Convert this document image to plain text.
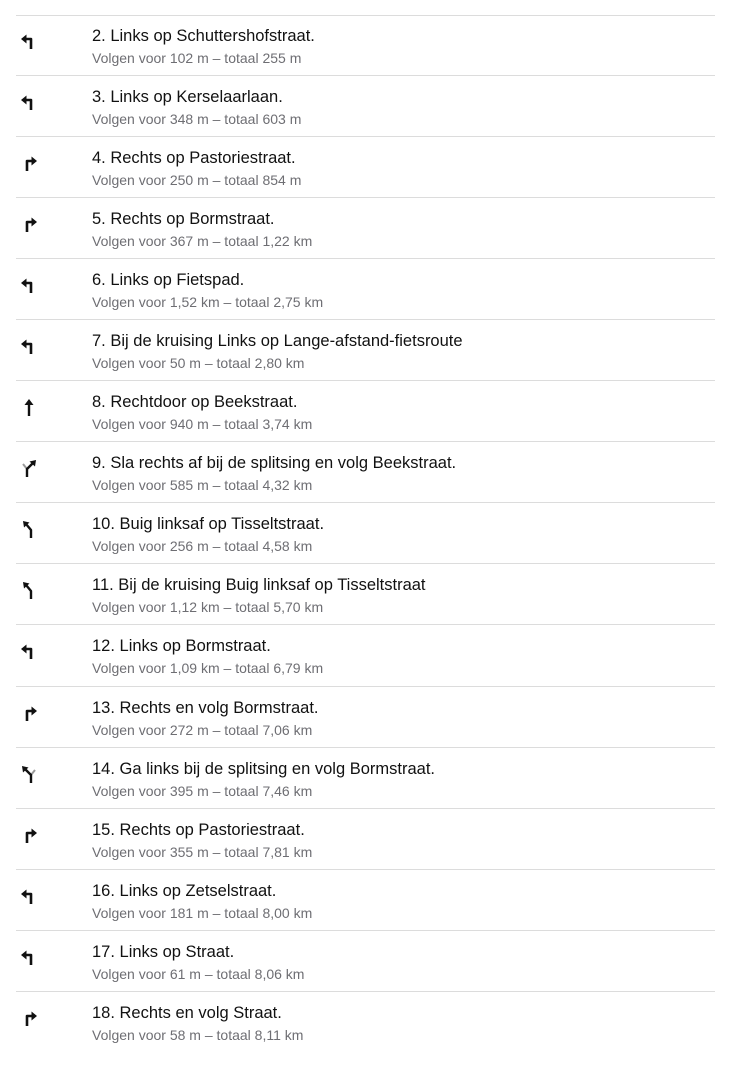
2. Links op Schuttershofstraat.
Volgen voor 102 m – totaal 255 m
3. Links op Kerselaarlaan.
Volgen voor 348 m – totaal 603 m
4. Rechts op Pastoriestraat.
Volgen voor 250 m – totaal 854 m
5. Rechts op Bormstraat.
Volgen voor 367 m – totaal 1,22 km
6. Links op Fietspad.
Volgen voor 1,52 km – totaal 2,75 km
7. Bij de kruising Links op Lange-afstand-fietsroute
Volgen voor 50 m – totaal 2,80 km
8. Rechtdoor op Beekstraat.
Volgen voor 940 m – totaal 3,74 km
9. Sla rechts af bij de splitsing en volg Beekstraat.
Volgen voor 585 m – totaal 4,32 km
10. Buig linksaf op Tisseltstraat.
Volgen voor 256 m – totaal 4,58 km
11. Bij de kruising Buig linksaf op Tisseltstraat
Volgen voor 1,12 km – totaal 5,70 km
12. Links op Bormstraat.
Volgen voor 1,09 km – totaal 6,79 km
13. Rechts en volg Bormstraat.
Volgen voor 272 m – totaal 7,06 km
14. Ga links bij de splitsing en volg Bormstraat.
Volgen voor 395 m – totaal 7,46 km
15. Rechts op Pastoriestraat.
Volgen voor 355 m – totaal 7,81 km
16. Links op Zetselstraat.
Volgen voor 181 m – totaal 8,00 km
17. Links op Straat.
Volgen voor 61 m – totaal 8,06 km
18. Rechts en volg Straat.
Volgen voor 58 m – totaal 8,11 km
